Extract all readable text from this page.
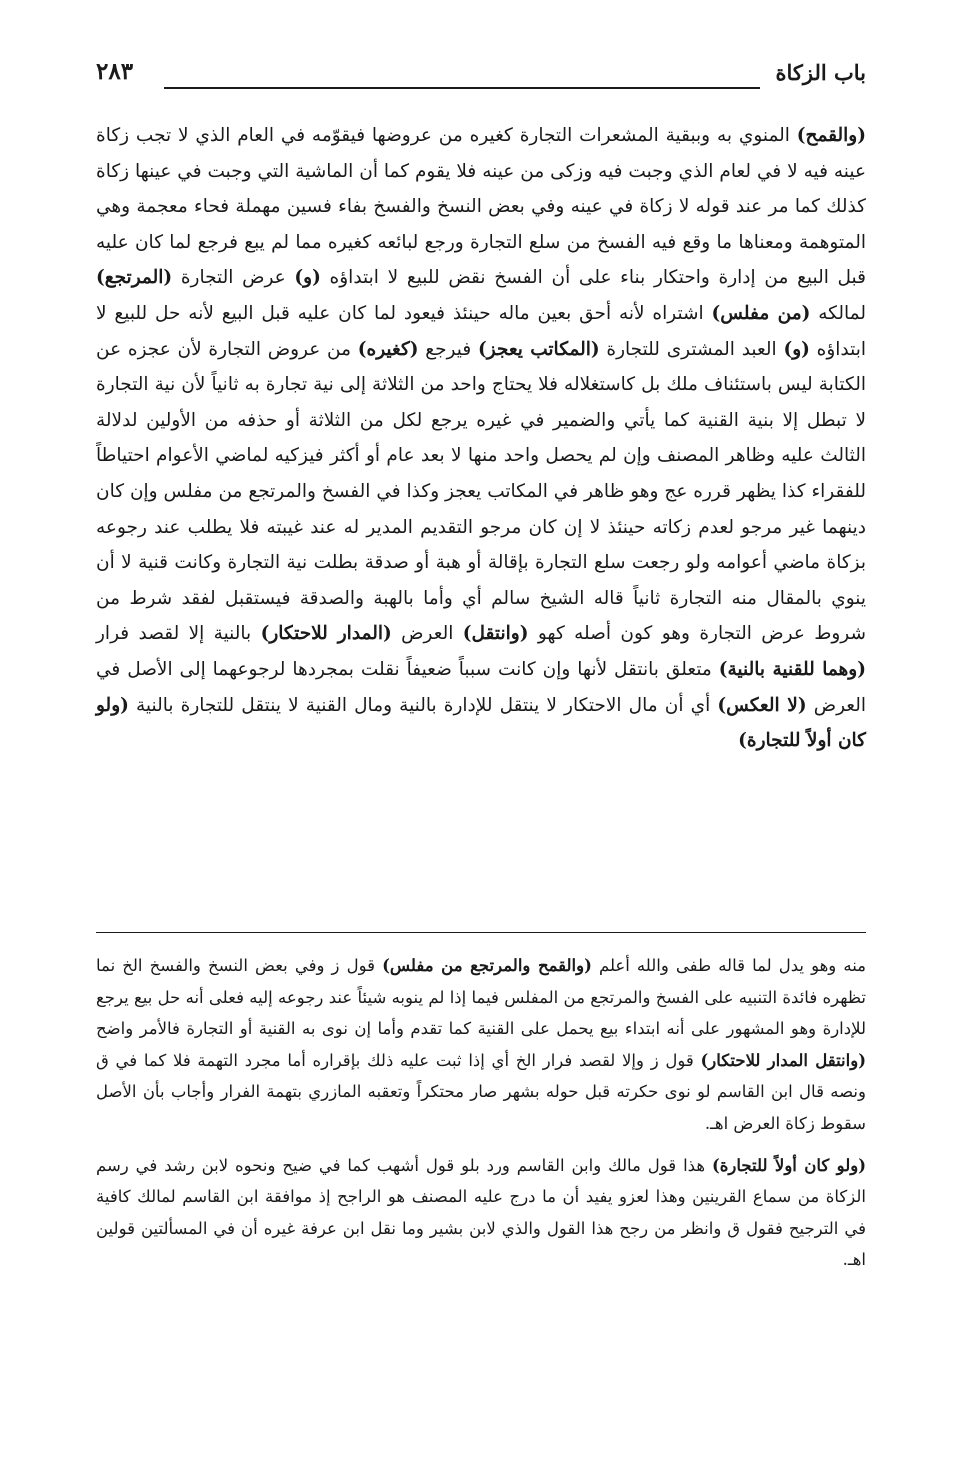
باب الزكاة
٢٨٣

(والقمح) المنوي به وببقية المشعرات التجارة كغيره من عروضها فيقوّمه في العام الذي لا تجب زكاة عينه فيه لا في لعام الذي وجبت فيه وزكى من عينه فلا يقوم كما أن الماشية التي وجبت في عينها زكاة كذلك كما مر عند قوله لا زكاة في عينه وفي بعض النسخ والفسخ بفاء فسين مهملة فحاء معجمة وهي المتوهمة ومعناها ما وقع فيه الفسخ من سلع التجارة ورجع لبائعه كغيره مما لم يبع فرجع لما كان عليه قبل البيع من إدارة واحتكار بناء على أن الفسخ نقض للبيع لا ابتداؤه (و) عرض التجارة (المرتجع) لمالكه (من مفلس) اشتراه لأنه أحق بعين ماله حينئذ فيعود لما كان عليه قبل البيع لأنه حل للبيع لا ابتداؤه (و) العبد المشترى للتجارة (المكاتب يعجز) فيرجع (كغيره) من عروض التجارة لأن عجزه عن الكتابة ليس باستئناف ملك بل كاستغلاله فلا يحتاج واحد من الثلاثة إلى نية تجارة به ثانياً لأن نية التجارة لا تبطل إلا بنية القنية كما يأتي والضمير في غيره يرجع لكل من الثلاثة أو حذفه من الأولين لدلالة الثالث عليه وظاهر المصنف وإن لم يحصل واحد منها لا بعد عام أو أكثر فيزكيه لماضي الأعوام احتياطاً للفقراء كذا يظهر قرره عج وهو ظاهر في المكاتب يعجز وكذا في الفسخ والمرتجع من مفلس وإن كان دينهما غير مرجو لعدم زكاته حينئذ لا إن كان مرجو التقديم المدير له عند غيبته فلا يطلب عند رجوعه بزكاة ماضي أعوامه ولو رجعت سلع التجارة بإقالة أو هبة أو صدقة بطلت نية التجارة وكانت قنية لا أن ينوي بالمقال منه التجارة ثانياً قاله الشيخ سالم أي وأما بالهبة والصدقة فيستقبل لفقد شرط من شروط عرض التجارة وهو كون أصله كهو (وانتقل) العرض (المدار للاحتكار) بالنية إلا لقصد فرار (وهما للقنية بالنية) متعلق بانتقل لأنها وإن كانت سبباً ضعيفاً نقلت بمجردها لرجوعهما إلى الأصل في العرض (لا العكس) أي أن مال الاحتكار لا ينتقل للإدارة بالنية ومال القنية لا ينتقل للتجارة بالنية (ولو كان أولاً للتجارة)

منه وهو يدل لما قاله طفى والله أعلم (والقمح والمرتجع من مفلس) قول ز وفي بعض النسخ والفسخ الخ نما تظهره فائدة التنبيه على الفسخ والمرتجع من المفلس فيما إذا لم ينوبه شيئاً عند رجوعه إليه فعلى أنه حل بيع يرجع للإدارة وهو المشهور على أنه ابتداء بيع يحمل على القنية كما تقدم وأما إن نوى به القنية أو التجارة فالأمر واضح (وانتقل المدار للاحتكار) قول ز وإلا لقصد فرار الخ أي إذا ثبت عليه ذلك بإقراره أما مجرد التهمة فلا كما في ق ونصه قال ابن القاسم لو نوى حكرته قبل حوله بشهر صار محتكراً وتعقبه المازري بتهمة الفرار وأجاب بأن الأصل سقوط زكاة العرض اهـ.

(ولو كان أولاً للتجارة) هذا قول مالك وابن القاسم ورد بلو قول أشهب كما في ضيح ونحوه لابن رشد في رسم الزكاة من سماع القرينين وهذا لعزو يفيد أن ما درج عليه المصنف هو الراجح إذ موافقة ابن القاسم لمالك كافية في الترجيح فقول ق وانظر من رجح هذا القول والذي لابن بشير وما نقل ابن عرفة غيره أن في المسألتين قولين اهـ.
